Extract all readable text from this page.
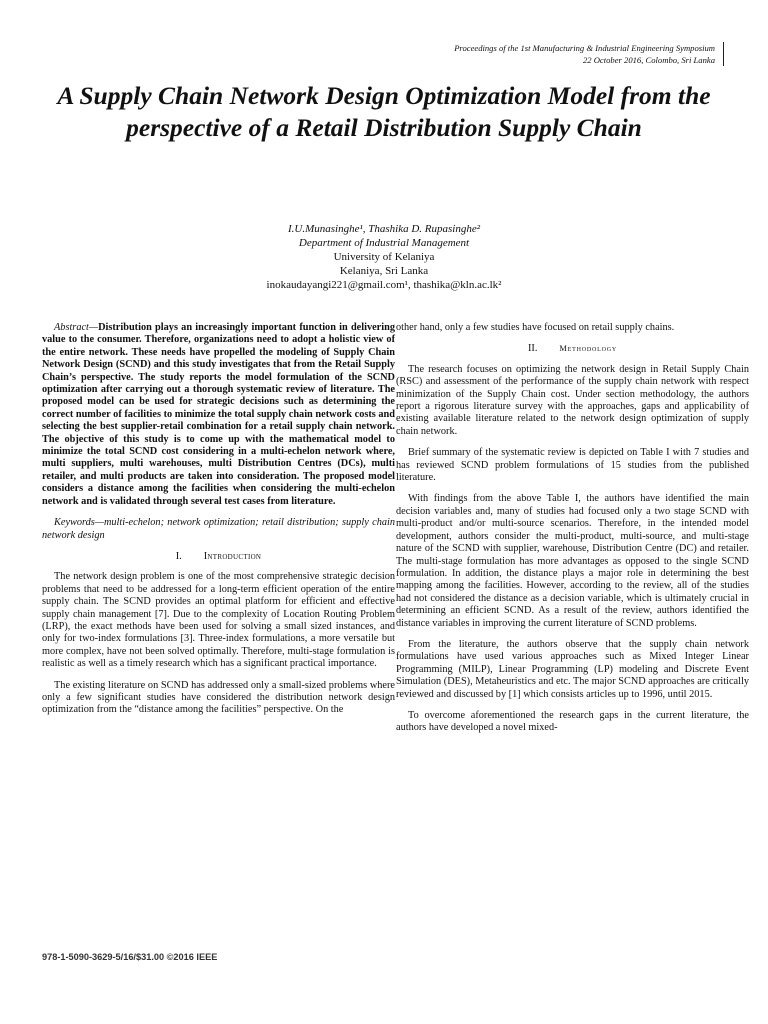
Proceedings of the 1st Manufacturing & Industrial Engineering Symposium
22 October 2016, Colombo, Sri Lanka
A Supply Chain Network Design Optimization Model from the perspective of a Retail Distribution Supply Chain
I.U.Munasinghe¹, Thashika D. Rupasinghe²
Department of Industrial Management
University of Kelaniya
Kelaniya, Sri Lanka
inokaudayangi221@gmail.com¹, thashika@kln.ac.lk²

Abstract—Distribution plays an increasingly important function in delivering value to the consumer. Therefore, organizations need to adopt a holistic view of the entire network. These needs have propelled the modeling of Supply Chain Network Design (SCND) and this study investigates that from the Retail Supply Chain’s perspective. The study reports the model formulation of the SCND optimization after carrying out a thorough systematic review of literature. The proposed model can be used for strategic decisions such as determining the correct number of facilities to minimize the total supply chain network costs and selecting the best supplier-retail combination for a retail supply chain network. The objective of this study is to come up with the mathematical model to minimize the total SCND cost considering in a multi-echelon network where, multi suppliers, multi warehouses, multi Distribution Centres (DCs), multi retailer, and multi products are taken into consideration. The proposed model considers a distance among the facilities when considering the multi-echelon network and is validated through several test cases from literature.

Keywords—multi-echelon; network optimization; retail distribution; supply chain network design

I. Introduction

The network design problem is one of the most comprehensive strategic decision problems that need to be addressed for a long-term efficient operation of the entire supply chain. The SCND provides an optimal platform for efficient and effective supply chain management [7]. Due to the complexity of Location Routing Problem (LRP), the exact methods have been used for solving a small sized instances, and only for two-index formulations [3]. Three-index formulations, a more versatile but more complex, have not been solved optimally. Therefore, multi-stage formulation is realistic as well as a timely research which has a significant practical importance.

The existing literature on SCND has addressed only a small-sized problems where only a few significant studies have considered the distribution network design optimization from the “distance among the facilities” perspective. On the

other hand, only a few studies have focused on retail supply chains.

II.	Methodology

The research focuses on optimizing the network design in Retail Supply Chain (RSC) and assessment of the performance of the supply chain network with respect minimization of the Supply Chain cost. Under section methodology, the authors report a rigorous literature survey with the approaches, gaps and applicability of existing available literature related to the network design optimization of supply chain network.

Brief summary of the systematic review is depicted on Table I with 7 studies and has reviewed SCND problem formulations of 15 studies from the published literature.

With findings from the above Table I, the authors have identified the main decision variables and, many of studies had focused only a two stage SCND with multi-product and/or multi-source scenarios. Therefore, in the intended model development, authors consider the multi-product, multi-source, and multi-stage nature of the SCND with supplier, warehouse, Distribution Centre (DC) and retailer. The multi-stage formulation has more advantages as opposed to the single SCND formulation. In addition, the distance plays a major role in determining the best mapping among the facilities. However, according to the review, all of the studies had not considered the distance as a decision variable, which is ultimately crucial in determining an efficient SCND. As a result of the review, authors identified the distance variables in improving the current literature of SCND problems.

From the literature, the authors observe that the supply chain network formulations have used various approaches such as Mixed Integer Linear Programming (MILP), Linear Programming (LP) modeling and Discrete Event Simulation (DES), Metaheuristics and etc. The major SCND approaches are critically reviewed and discussed by [1] which consists articles up to 1996, until 2015.

To overcome aforementioned the research gaps in the current literature, the authors have developed a novel mixed-

978-1-5090-3629-5/16/$31.00 ©2016 IEEE
